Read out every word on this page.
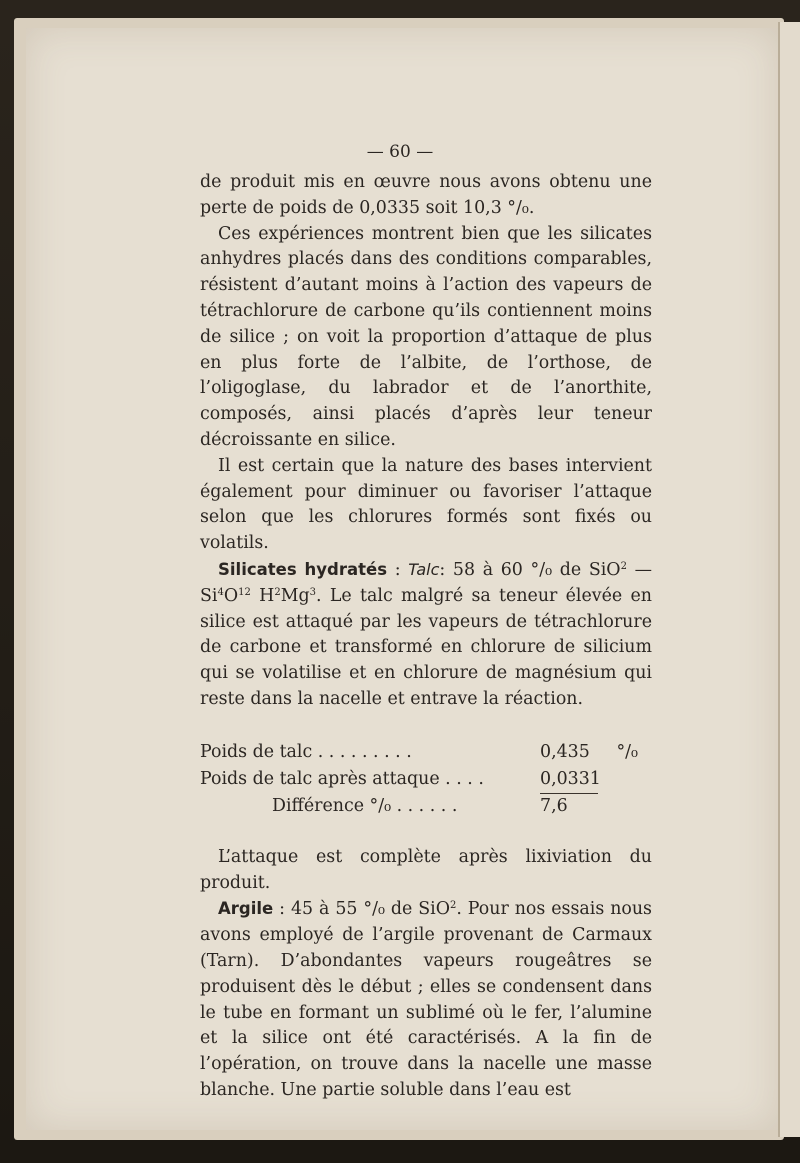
— 60 —

de produit mis en œuvre nous avons obtenu une perte de poids de 0,0335 soit 10,3 °/₀.

Ces expériences montrent bien que les silicates anhydres placés dans des conditions comparables, résistent d’autant moins à l’action des vapeurs de tétrachlorure de carbone qu’ils contiennent moins de silice ; on voit la proportion d’attaque de plus en plus forte de l’albite, de l’orthose, de l’oligoglase, du labrador et de l’anorthite, composés, ainsi placés d’après leur teneur décroissante en silice.

Il est certain que la nature des bases intervient également pour diminuer ou favoriser l’attaque selon que les chlorures formés sont fixés ou volatils.

Silicates hydratés : Talc: 58 à 60 °/₀ de SiO$^2$ — $Si^4O^{12}$ $H^2Mg^3$. Le talc malgré sa teneur élevée en silice est attaqué par les vapeurs de tétrachlorure de carbone et transformé en chlorure de silicium qui se volatilise et en chlorure de magnésium qui reste dans la nacelle et entrave la réaction.

Poids de talc . . . . . . . . .	0,435	°/₀
Poids de talc après attaque . . . .	0,0331
Différence °/₀ . . . . . .	7,6

L’attaque est complète après lixiviation du produit.

Argile : 45 à 55 °/₀ de SiO$^2$. Pour nos essais nous avons employé de l’argile provenant de Carmaux (Tarn). D’abondantes vapeurs rougeâtres se produisent dès le début ; elles se condensent dans le tube en formant un sublimé où le fer, l’alumine et la silice ont été caractérisés. A la fin de l’opération, on trouve dans la nacelle une masse blanche. Une partie soluble dans l’eau est
